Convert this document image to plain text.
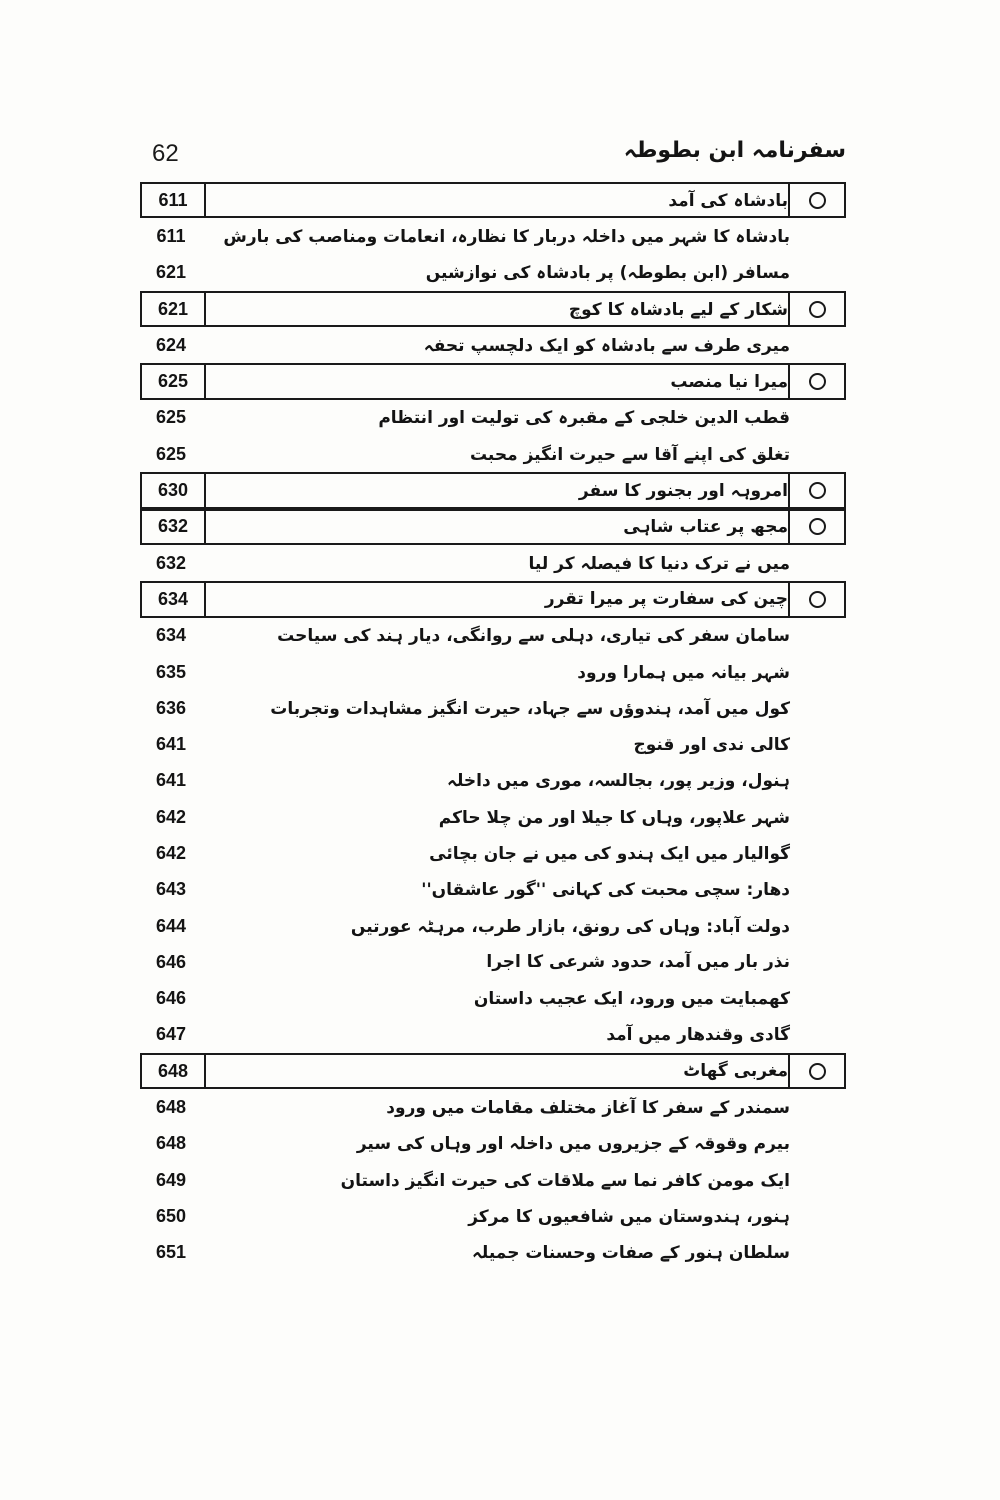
62	سفرنامہ ابن بطوطہ
611	بادشاہ کی آمد
611	بادشاہ کا شہر میں داخلہ دربار کا نظارہ، انعامات ومناصب کی بارش
621	مسافر (ابن بطوطہ) پر بادشاہ کی نوازشیں
621	شکار کے لیے بادشاہ کا کوچ
624	میری طرف سے بادشاہ کو ایک دلچسپ تحفہ
625	میرا نیا منصب
625	قطب الدین خلجی کے مقبرہ کی تولیت اور انتظام
625	تغلق کی اپنے آقا سے حیرت انگیز محبت
630	امروہہ اور بجنور کا سفر
632	مجھ پر عتاب شاہی
632	میں نے ترک دنیا کا فیصلہ کر لیا
634	چین کی سفارت پر میرا تقرر
634	سامان سفر کی تیاری، دہلی سے روانگی، دیار ہند کی سیاحت
635	شہر بیانہ میں ہمارا ورود
636	کول میں آمد، ہندوؤں سے جہاد، حیرت انگیز مشاہدات وتجربات
641	کالی ندی اور قنوج
641	ہنول، وزیر پور، بجالسہ، موری میں داخلہ
642	شہر علاپور، وہاں کا جیلا اور من چلا حاکم
642	گوالیار میں ایک ہندو کی میں نے جان بچائی
643	دھار: سچی محبت کی کہانی ''گور عاشقاں''
644	دولت آباد: وہاں کی رونق، بازار طرب، مرہٹہ عورتیں
646	نذر بار میں آمد، حدود شرعی کا اجرا
646	کھمبایت میں ورود، ایک عجیب داستان
647	گادی وقندھار میں آمد
648	مغربی گھاٹ
648	سمندر کے سفر کا آغاز مختلف مقامات میں ورود
648	بیرم وقوقہ کے جزیروں میں داخلہ اور وہاں کی سیر
649	ایک مومن کافر نما سے ملاقات کی حیرت انگیز داستان
650	ہنور، ہندوستان میں شافعیوں کا مرکز
651	سلطان ہنور کے صفات وحسنات جمیلہ
